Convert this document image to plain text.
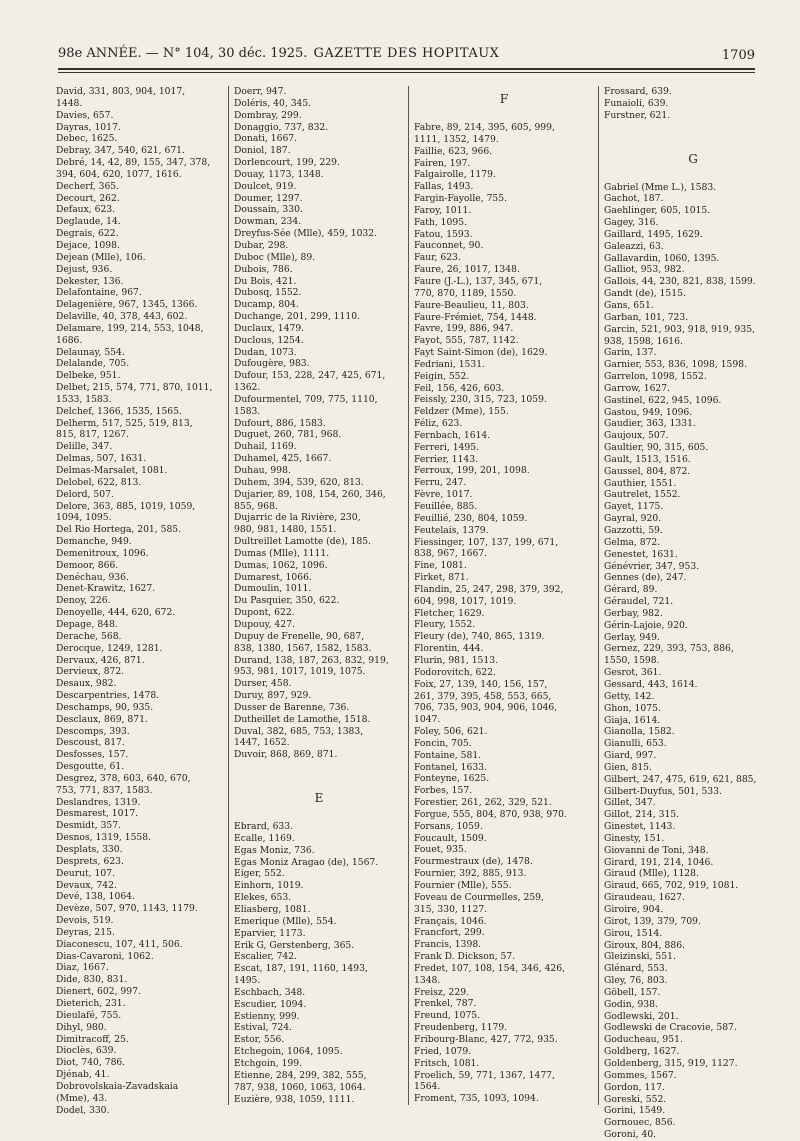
98e ANNÉE. — N° 104, 30 déc. 1925. GAZETTE DES HOPITAUX	1709
David, 331, 803, 904, 1017,
1448.
Davies, 657.
Dayras, 1017.
Debec, 1625.
Debray, 347, 540, 621, 671.
Debré, 14, 42, 89, 155, 347, 378,
394, 604, 620, 1077, 1616.
Decherf, 365.
Decourt, 262.
Defaux, 623.
Deglaude, 14.
Degrais, 622.
Dejace, 1098.
Dejean (Mlle), 106.
Dejust, 936.
Dekester, 136.
Delafontaine, 967.
Delagenière, 967, 1345, 1366.
Delaville, 40, 378, 443, 602.
Delamare, 199, 214, 553, 1048,
1686.
Delaunay, 554.
Delalande, 705.
Delbeke, 951.
Delbet, 215, 574, 771, 870, 1011,
1533, 1583.
Delchef, 1366, 1535, 1565.
Delherm, 517, 525, 519, 813,
815, 817, 1267.
Delille, 347.
Delmas, 507, 1631.
Delmas-Marsalet, 1081.
Delobel, 622, 813.
Delord, 507.
Delore, 363, 885, 1019, 1059,
1094, 1095.
Del Rio Hortega, 201, 585.
Demanche, 949.
Demenitroux, 1096.
Demoor, 866.
Denéchau, 936.
Denet-Krawitz, 1627.
Denoy, 226.
Denoyelle, 444, 620, 672.
Depage, 848.
Derache, 568.
Derocque, 1249, 1281.
Dervaux, 426, 871.
Dervieux, 872.
Desaux, 982.
Descarpentries, 1478.
Deschamps, 90, 935.
Desclaux, 869, 871.
Descomps, 393.
Descoust, 817.
Desfosses, 157.
Desgoutte, 61.
Desgrez, 378, 603, 640, 670,
753, 771, 837, 1583.
Deslandres, 1319.
Desmarest, 1017.
Desmidt, 357.
Desnos, 1319, 1558.
Desplats, 330.
Desprets, 623.
Deurut, 107.
Devaux, 742.
Devé, 138, 1064.
Devèze, 507, 970, 1143, 1179.
Devois, 519.
Deyras, 215.
Diaconescu, 107, 411, 506.
Dias-Cavaroni, 1062.
Diaz, 1667.
Dide, 830, 831.
Dienert, 602, 997.
Dieterich, 231.
Dieulafé, 755.
Dihyl, 980.
Dimitracoff, 25.
Dioclès, 639.
Diot, 740, 786.
Djénab, 41.
Dobrovolskaia-Zavadskaia
(Mme), 43.
Dodel, 330.
Doerr, 947.
Doléris, 40, 345.
Dombray, 299.
Donaggio, 737, 832.
Donati, 1667.
Doniol, 187.
Dorlencourt, 199, 229.
Douay, 1173, 1348.
Doulcet, 919.
Doumer, 1297.
Doussain, 330.
Dowman, 234.
Dreyfus-Sée (Mlle), 459, 1032.
Dubar, 298.
Duboc (Mlle), 89.
Dubois, 786.
Du Bois, 421.
Dubosq, 1552.
Ducamp, 804.
Duchange, 201, 299, 1110.
Duclaux, 1479.
Duclous, 1254.
Dudan, 1073.
Dufougère, 983.
Dufour, 153, 228, 247, 425, 671,
1362.
Dufourmentel, 709, 775, 1110,
1583.
Dufourt, 886, 1583.
Duguet, 260, 781, 968.
Duhail, 1169.
Duhamel, 425, 1667.
Duhau, 998.
Duhem, 394, 539, 620, 813.
Dujarier, 89, 108, 154, 260, 346,
855, 968.
Dujarric de la Rivière, 230,
980, 981, 1480, 1551.
Dultreillet Lamotte (de), 185.
Dumas (Mlle), 1111.
Dumas, 1062, 1096.
Dumarest, 1066.
Dumoulin, 1011.
Du Pasquier, 350, 622.
Dupont, 622.
Dupouy, 427.
Dupuy de Frenelle, 90, 687,
838, 1380, 1567, 1582, 1583.
Durand, 138, 187, 263, 832, 919,
953, 981, 1017, 1019, 1075.
Durser, 458.
Duruy, 897, 929.
Dusser de Barenne, 736.
Dutheillet de Lamothe, 1518.
Duval, 382, 685, 753, 1383,
1447, 1652.
Duvoir, 868, 869, 871.
E
Ebrard, 633.
Ecalle, 1169.
Egas Moniz, 736.
Egas Moniz Aragao (de), 1567.
Eiger, 552.
Einhorn, 1019.
Elekes, 653.
Eliasberg, 1081.
Emerique (Mlle), 554.
Eparvier, 1173.
Erik G, Gerstenberg, 365.
Escalier, 742.
Escat, 187, 191, 1160, 1493,
1495.
Eschbach, 348.
Escudier, 1094.
Estienny, 999.
Estival, 724.
Estor, 556.
Etchegoin, 1064, 1095.
Etchgoin, 199.
Etienne, 284, 299, 382, 555,
787, 938, 1060, 1063, 1064.
Euzière, 938, 1059, 1111.
F
Fabre, 89, 214, 395, 605, 999,
1111, 1352, 1479.
Faillie, 623, 966.
Fairen, 197.
Falgairolle, 1179.
Fallas, 1493.
Fargin-Fayolle, 755.
Faroy, 1011.
Fath, 1095.
Fatou, 1593.
Fauconnet, 90.
Faur, 623.
Faure, 26, 1017, 1348.
Faure (J.-L.), 137, 345, 671,
770, 870, 1189, 1550.
Faure-Beaulieu, 11, 803.
Faure-Frémiet, 754, 1448.
Favre, 199, 886, 947.
Fayot, 555, 787, 1142.
Fayt Saint-Simon (de), 1629.
Fedriani, 1531.
Feigin, 552.
Feil, 156, 426, 603.
Feissly, 230, 315, 723, 1059.
Feldzer (Mme), 155.
Féliz, 623.
Fernbach, 1614.
Ferreri, 1495.
Ferrier, 1143.
Ferroux, 199, 201, 1098.
Ferru, 247.
Fèvre, 1017.
Feuillée, 885.
Feuillié, 230, 804, 1059.
Feutelais, 1379.
Fiessinger, 107, 137, 199, 671,
838, 967, 1667.
Fine, 1081.
Firket, 871.
Flandin, 25, 247, 298, 379, 392,
604, 998, 1017, 1019.
Fletcher, 1629.
Fleury, 1552.
Fleury (de), 740, 865, 1319.
Florentin, 444.
Flurin, 981, 1513.
Fodorovitch, 622.
Foix, 27, 139, 140, 156, 157,
261, 379, 395, 458, 553, 665,
706, 735, 903, 904, 906, 1046,
1047.
Foley, 506, 621.
Foncin, 705.
Fontaine, 581.
Fontanel, 1633.
Fonteyne, 1625.
Forbes, 157.
Forestier, 261, 262, 329, 521.
Forgue, 555, 804, 870, 938, 970.
Forsans, 1059.
Foucault, 1509.
Fouet, 935.
Fourmestraux (de), 1478.
Fournier, 392, 885, 913.
Fournier (Mlle), 555.
Foveau de Courmelles, 259,
315, 330, 1127.
Français, 1046.
Francfort, 299.
Francis, 1398.
Frank D. Dickson, 57.
Fredet, 107, 108, 154, 346, 426,
1348.
Freisz, 229.
Frenkel, 787.
Freund, 1075.
Freudenberg, 1179.
Fribourg-Blanc, 427, 772, 935.
Fried, 1079.
Fritsch, 1081.
Froelich, 59, 771, 1367, 1477,
1564.
Froment, 735, 1093, 1094.
Frossard, 639.
Funaioli, 639.
Furstner, 621.
G
Gabriel (Mme L.), 1583.
Gachot, 187.
Gaehlinger, 605, 1015.
Gagey, 316.
Gaillard, 1495, 1629.
Galeazzi, 63.
Gallavardin, 1060, 1395.
Galliot, 953, 982.
Gallois, 44, 230, 821, 838, 1599.
Gandt (de), 1515.
Gans, 651.
Garban, 101, 723.
Garcin, 521, 903, 918, 919, 935,
938, 1598, 1616.
Garin, 137.
Garnier, 553, 836, 1098, 1598.
Garrelon, 1098, 1552.
Garrow, 1627.
Gastinel, 622, 945, 1096.
Gastou, 949, 1096.
Gaudier, 363, 1331.
Gaujoux, 507.
Gaultier, 90, 315, 605.
Gault, 1513, 1516.
Gaussel, 804, 872.
Gauthier, 1551.
Gautrelet, 1552.
Gayet, 1175.
Gayral, 920.
Gazzotti, 59.
Gelma, 872.
Genestet, 1631.
Génévrier, 347, 953.
Gennes (de), 247.
Gérard, 89.
Géraudel, 721.
Gerbay, 982.
Gérin-Lajoie, 920.
Gerlay, 949.
Gernez, 229, 393, 753, 886,
1550, 1598.
Gesrot, 361.
Gessard, 443, 1614.
Getty, 142.
Ghon, 1075.
Giaja, 1614.
Gianolla, 1582.
Gianulli, 653.
Giard, 997.
Gien, 815.
Gilbert, 247, 475, 619, 621, 885,
Gilbert-Duyfus, 501, 533.
Gillet, 347.
Gillot, 214, 315.
Ginestet, 1143.
Ginesty, 151.
Giovanni de Toni, 348.
Girard, 191, 214, 1046.
Giraud (Mlle), 1128.
Giraud, 665, 702, 919, 1081.
Giraudeau, 1627.
Giroire, 904.
Girot, 139, 379, 709.
Girou, 1514.
Giroux, 804, 886.
Gleizinski, 551.
Glénard, 553.
Gley, 76, 803.
Göbell, 157.
Godin, 938.
Godlewski, 201.
Godlewski de Cracovie, 587.
Goducheau, 951.
Goldberg, 1627.
Goldenberg, 315, 919, 1127.
Gommes, 1567.
Gordon, 117.
Goreski, 552.
Gorini, 1549.
Gornouec, 856.
Goroni, 40.
